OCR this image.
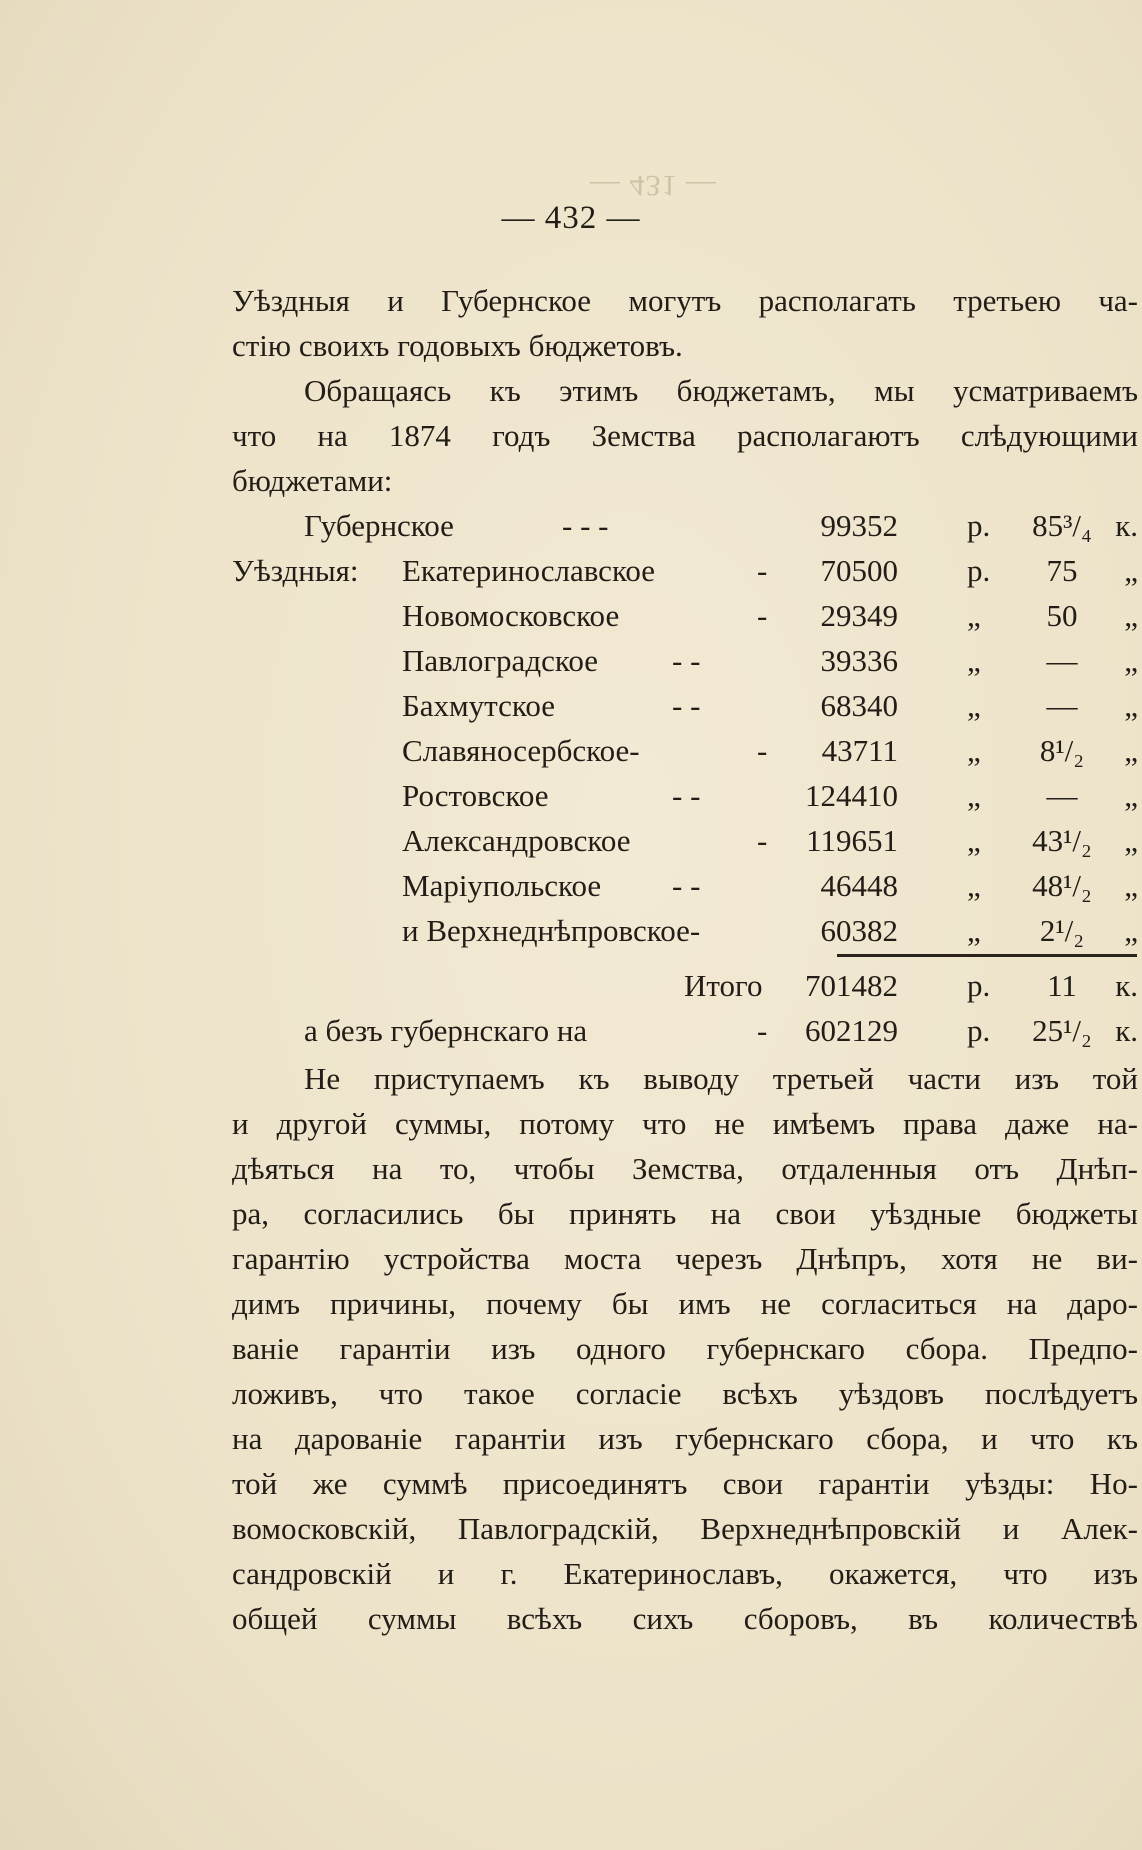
— 431 —
— 432 —
Уѣздныя и Губернское могутъ располагать третьею ча-
стію своихъ годовыхъ бюджетовъ.
Обращаясь къ этимъ бюджетамъ, мы усматриваемъ
что на 1874 годъ Земства располагаютъ слѣдующими
бюджетами:
Губернское	- - -	99352 р.	85³/₄ к.
Уѣздныя: Екатеринославское	- 70500 р.	75	„
Новомосковское	- 29349 „	50	„
Павлоградское - -	39336 „	—	„
Бахмутское	- -	68340 „	—	„
Славяносербское-	- 43711 „	8¹/₂	„
Ростовское	- -	124410 „	—	„
Александровское	- 119651 „	43¹/₂	„
Маріупольское - -	46448 „	48¹/₂	„
и Верхнеднѣпровское-	60382 „	2¹/₂	„
Итого 701482 р.	11	к.
а безъ губернскаго на	- 602129 р.	25¹/₂ к.
Не приступаемъ къ выводу третьей части изъ той
и другой суммы, потому что не имѣемъ права даже на-
дѣяться на то, чтобы Земства, отдаленныя отъ Днѣп-
ра, согласились бы принять на свои уѣздные бюджеты
гарантію устройства моста черезъ Днѣпръ, хотя не ви-
димъ причины, почему бы имъ не согласиться на даро-
ваніе гарантіи изъ одного губернскаго сбора. Предпо-
ложивъ, что такое согласіе всѣхъ уѣздовъ послѣдуетъ
на дарованіе гарантіи изъ губернскаго сбора, и что къ
той же суммѣ присоединятъ свои гарантіи уѣзды: Но-
вомосковскій, Павлоградскій, Верхнеднѣпровскій и Алек-
сандровскій и г. Екатеринославъ, окажется, что изъ
общей суммы всѣхъ сихъ сборовъ, въ количествѣ
